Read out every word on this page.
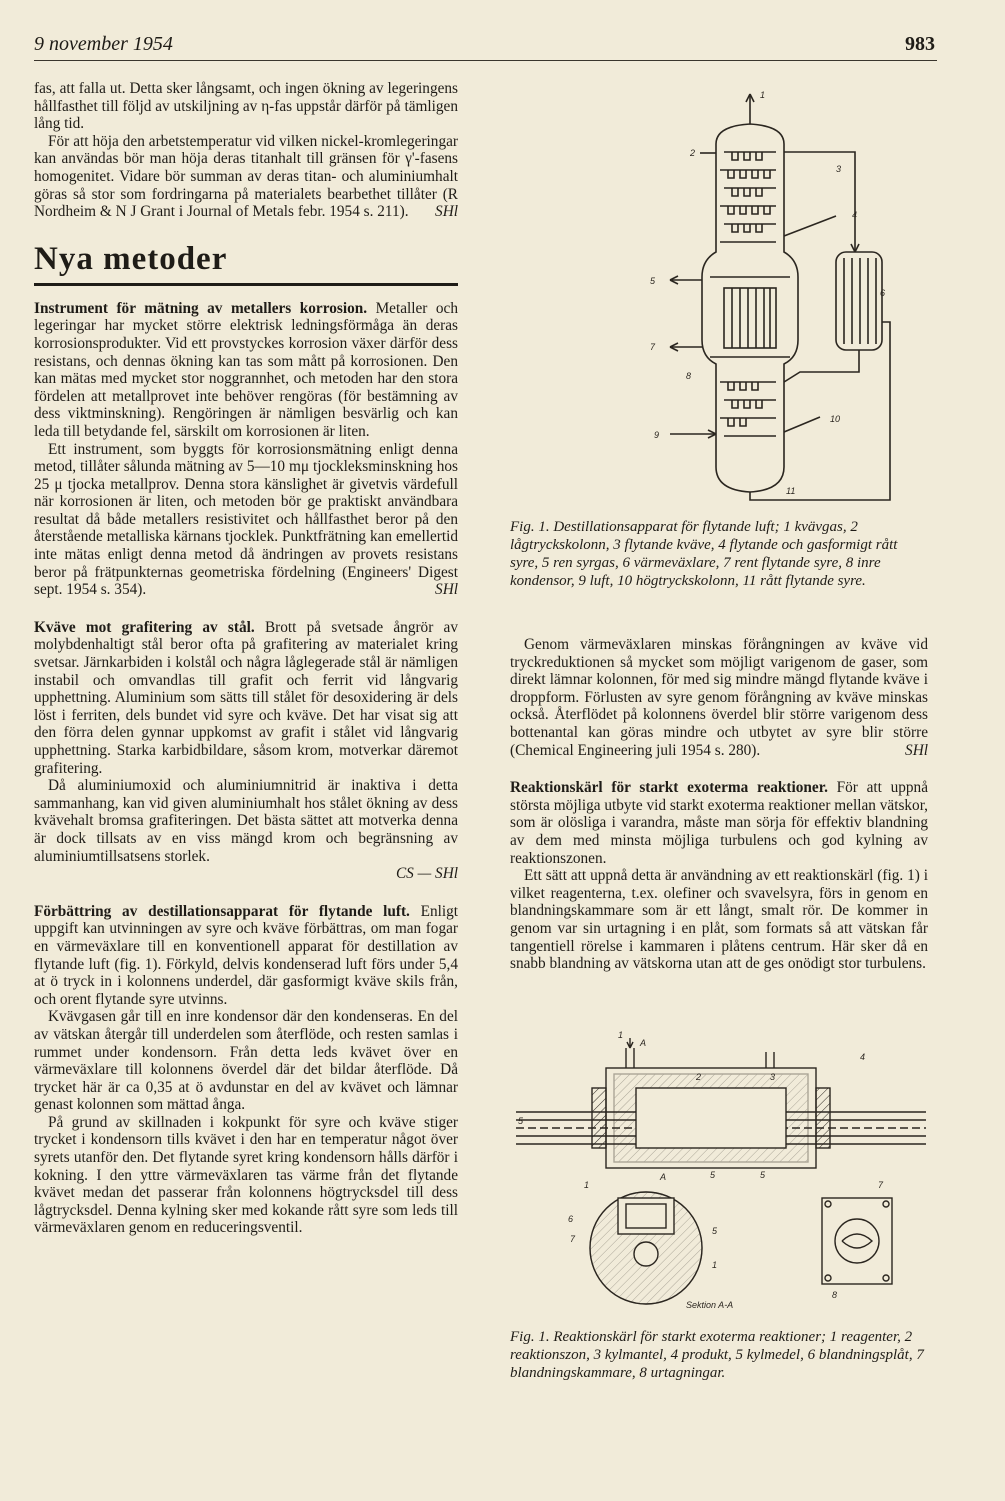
9 november 1954	983

fas, att falla ut. Detta sker långsamt, och ingen ökning av legeringens hållfasthet till följd av utskiljning av η-fas uppstår därför på tämligen lång tid.

För att höja den arbetstemperatur vid vilken nickel-kromlegeringar kan användas bör man höja deras titanhalt till gränsen för γ'-fasens homogenitet. Vidare bör summan av deras titan- och aluminiumhalt göras så stor som fordringarna på materialets bearbethet tillåter (R Nordheim & N J Grant i Journal of Metals febr. 1954 s. 211).	SHl

Nya metoder

Instrument för mätning av metallers korrosion. Metaller och legeringar har mycket större elektrisk ledningsförmåga än deras korrosionsprodukter. Vid ett provstyckes korrosion växer därför dess resistans, och dennas ökning kan tas som mått på korrosionen. Den kan mätas med mycket stor noggrannhet, och metoden har den stora fördelen att metallprovet inte behöver rengöras (för bestämning av dess viktminskning). Rengöringen är nämligen besvärlig och kan leda till betydande fel, särskilt om korrosionen är liten.

Ett instrument, som byggts för korrosionsmätning enligt denna metod, tillåter sålunda mätning av 5—10 mμ tjockleksminskning hos 25 μ tjocka metallprov. Denna stora känslighet är givetvis värdefull när korrosionen är liten, och metoden bör ge praktiskt användbara resultat då både metallers resistivitet och hållfasthet beror på den återstående metalliska kärnans tjocklek. Punktfrätning kan emellertid inte mätas enligt denna metod då ändringen av provets resistans beror på frätpunkternas geometriska fördelning (Engineers' Digest sept. 1954 s. 354).	SHl

Kväve mot grafitering av stål. Brott på svetsade ångrör av molybdenhaltigt stål beror ofta på grafitering av materialet kring svetsar. Järnkarbiden i kolstål och några låglegerade stål är nämligen instabil och omvandlas till grafit och ferrit vid långvarig upphettning. Aluminium som sätts till stålet för desoxidering är dels löst i ferriten, dels bundet vid syre och kväve. Det har visat sig att den förra delen gynnar uppkomst av grafit i stålet vid långvarig upphettning. Starka karbidbildare, såsom krom, motverkar däremot grafitering.

Då aluminiumoxid och aluminiumnitrid är inaktiva i detta sammanhang, kan vid given aluminiumhalt hos stålet ökning av dess kvävehalt bromsa grafiteringen. Det bästa sättet att motverka denna är dock tillsats av en viss mängd krom och begränsning av aluminiumtillsatsens storlek.

CS — SHl

Förbättring av destillationsapparat för flytande luft. Enligt uppgift kan utvinningen av syre och kväve förbättras, om man fogar en värmeväxlare till en konventionell apparat för destillation av flytande luft (fig. 1). Förkyld, delvis kondenserad luft förs under 5,4 at ö tryck in i kolonnens underdel, där gasformigt kväve skils från, och orent flytande syre utvinns.

Kvävgasen går till en inre kondensor där den kondenseras. En del av vätskan återgår till underdelen som återflöde, och resten samlas i rummet under kondensorn. Från detta leds kvävet över en värmeväxlare till kolonnens överdel där det bildar återflöde. Då trycket här är ca 0,35 at ö avdunstar en del av kvävet och lämnar genast kolonnen som mättad ånga.

På grund av skillnaden i kokpunkt för syre och kväve stiger trycket i kondensorn tills kvävet i den har en temperatur något över syrets utanför den. Det flytande syret kring kondensorn hålls därför i kokning. I den yttre värmeväxlaren tas värme från det flytande kvävet medan det passerar från kolonnens högtrycksdel till dess lågtrycksdel. Denna kylning sker med kokande rått syre som leds till värmeväxlaren genom en reduceringsventil.

1
2
3
4
5
6
7
8
9
10
11
Fig. 1. Destillationsapparat för flytande luft; 1 kvävgas, 2 lågtryckskolonn, 3 flytande kväve, 4 flytande och gasformigt rått syre, 5 ren syrgas, 6 värmeväxlare, 7 rent flytande syre, 8 inre kondensor, 9 luft, 10 högtryckskolonn, 11 rått flytande syre.

Genom värmeväxlaren minskas förångningen av kväve vid tryckreduktionen så mycket som möjligt varigenom de gaser, som direkt lämnar kolonnen, för med sig mindre mängd flytande kväve i droppform. Förlusten av syre genom förångning av kväve minskas också. Återflödet på kolonnens överdel blir större varigenom dess bottenantal kan göras mindre och utbytet av syre blir större (Chemical Engineering juli 1954 s. 280).	SHl

Reaktionskärl för starkt exoterma reaktioner. För att uppnå största möjliga utbyte vid starkt exoterma reaktioner mellan vätskor, som är olösliga i varandra, måste man sörja för effektiv blandning av dem med minsta möjliga turbulens och god kylning av reaktionszonen.

Ett sätt att uppnå detta är användning av ett reaktionskärl (fig. 1) i vilket reagenterna, t.ex. olefiner och svavelsyra, förs in genom en blandningskammare som är ett långt, smalt rör. De kommer in genom var sin urtagning i en plåt, som formats så att vätskan får tangentiell rörelse i kammaren i plåtens centrum. Här sker då en snabb blandning av vätskorna utan att de ges onödigt stor turbulens.

1
A
2	3
4
5
A	5	5
1	7
6
7
5
1
8
Sektion A-A
Fig. 1. Reaktionskärl för starkt exoterma reaktioner; 1 reagenter, 2 reaktionszon, 3 kylmantel, 4 produkt, 5 kylmedel, 6 blandningsplåt, 7 blandningskammare, 8 urtagningar.
